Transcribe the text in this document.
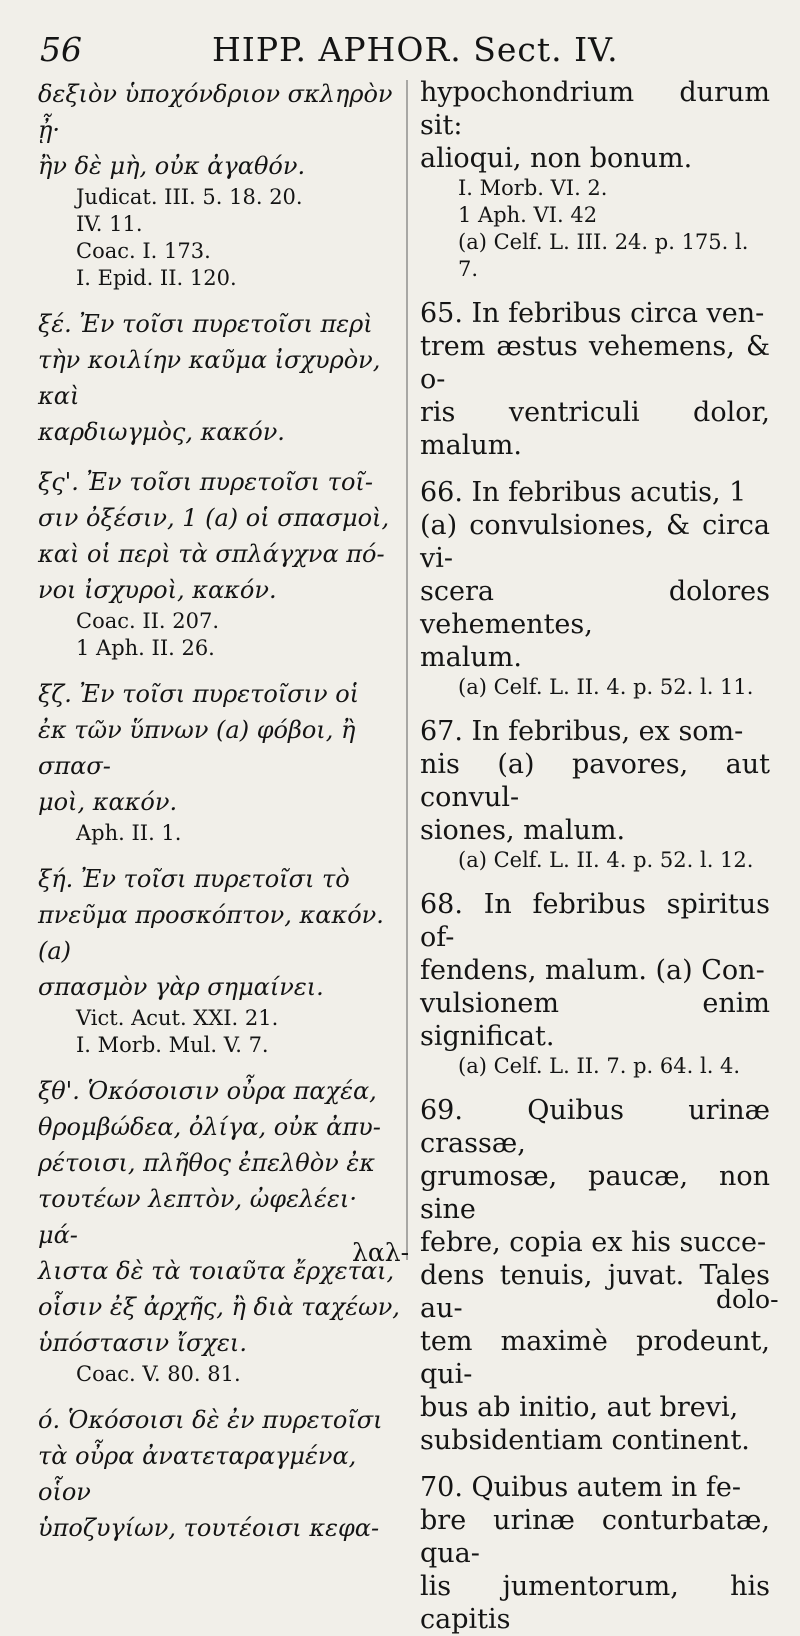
56	HIPP. APHOR. Sect. IV.
δεξιὸν ὑποχόνδριον σκληρὸν ᾖ·
ἢν δὲ μὴ, οὐκ ἀγαθόν.
Judicat. III. 5. 18. 20.
IV. 11.
Coac. I. 173.
I. Epid. II. 120.
ξέ. Ἐν τοῖσι πυρετοῖσι περὶ
τὴν κοιλίην καῦμα ἰσχυρὸν, καὶ
καρδιωγμὸς, κακόν.
ξς'. Ἐν τοῖσι πυρετοῖσι τοῖ-
σιν ὀξέσιν, 1 (a) οἱ σπασμοὶ,
καὶ οἱ περὶ τὰ σπλάγχνα πό-
νοι ἰσχυροὶ, κακόν.
Coac. II. 207.
1 Aph. II. 26.
ξζ. Ἐν τοῖσι πυρετοῖσιν οἱ
ἐκ τῶν ὕπνων (a) φόβοι, ἢ σπασ-
μοὶ, κακόν.
Aph. II. 1.
ξή. Ἐν τοῖσι πυρετοῖσι τὸ
πνεῦμα προσκόπτον, κακόν. (a)
σπασμὸν γὰρ σημαίνει.
Vict. Acut. XXI. 21.
I. Morb. Mul. V. 7.
ξθ'. Ὁκόσοισιν οὖρα παχέα,
θρομβώδεα, ὀλίγα, οὐκ ἀπυ-
ρέτοισι, πλῆθος ἐπελθὸν ἐκ
τουτέων λεπτὸν, ὠφελέει· μά-
λιστα δὲ τὰ τοιαῦτα ἔρχεται,
οἷσιν ἐξ ἀρχῆς, ἢ διὰ ταχέων,
ὑπόστασιν ἴσχει.
Coac. V. 80. 81.
ό. Ὁκόσοισι δὲ ἐν πυρετοῖσι
τὰ οὖρα ἀνατεταραγμένα, οἷον
ὑποζυγίων, τουτέοισι κεφα-
hypochondrium durum sit:
alioqui, non bonum.
I. Morb. VI. 2.
1 Aph. VI. 42
(a) Celf. L. III. 24. p. 175. l. 7.
65. In febribus circa ven-
trem æstus vehemens, & o-
ris ventriculi dolor, malum.
66. In febribus acutis, 1
(a) convulsiones, & circa vi-
scera dolores vehementes,
malum.
(a) Celf. L. II. 4. p. 52. l. 11.
67. In febribus, ex som-
nis (a) pavores, aut convul-
siones, malum.
(a) Celf. L. II. 4. p. 52. l. 12.
68. In febribus spiritus of-
fendens, malum. (a) Con-
vulsionem enim significat.
(a) Celf. L. II. 7. p. 64. l. 4.
69. Quibus urinæ crassæ,
grumosæ, paucæ, non sine
febre, copia ex his succe-
dens tenuis, juvat. Tales au-
tem maximè prodeunt, qui-
bus ab initio, aut brevi,
subsidentiam continent.
70. Quibus autem in fe-
bre urinæ conturbatæ, qua-
lis jumentorum, his capitis
λαλ-
dolo-
